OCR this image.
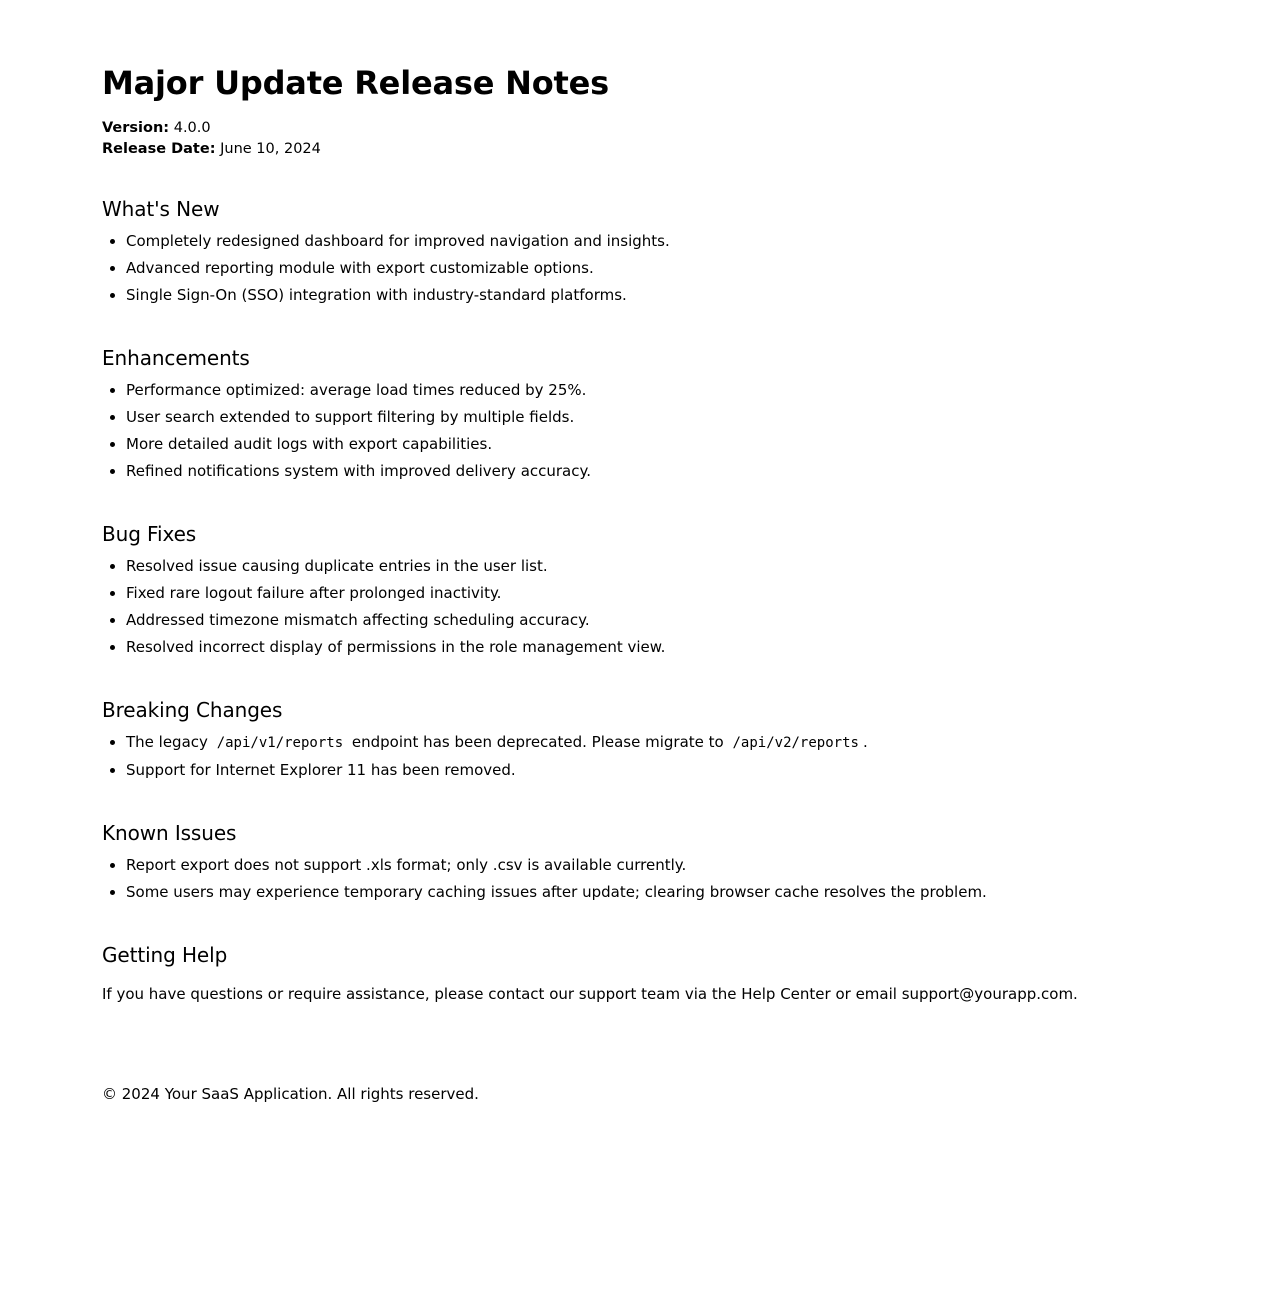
Major Update Release Notes

Version: 4.0.0

Release Date: June 10, 2024

What's New
• Completely redesigned dashboard for improved navigation and insights.
• Advanced reporting module with export customizable options.
• Single Sign-On (SSO) integration with industry-standard platforms.
Enhancements
• Performance optimized: average load times reduced by 25%.
• User search extended to support filtering by multiple fields.
• More detailed audit logs with export capabilities.
• Refined notifications system with improved delivery accuracy.
Bug Fixes
• Resolved issue causing duplicate entries in the user list.
• Fixed rare logout failure after prolonged inactivity.
• Addressed timezone mismatch affecting scheduling accuracy.
• Resolved incorrect display of permissions in the role management view.
Breaking Changes
• The legacy /api/v1/reports endpoint has been deprecated. Please migrate to /api/v2/reports .
• Support for Internet Explorer 11 has been removed.
Known Issues
• Report export does not support .xls format; only .csv is available currently.
• Some users may experience temporary caching issues after update; clearing browser cache resolves the problem.
Getting Help

If you have questions or require assistance, please contact our support team via the Help Center or email support@yourapp.com.

© 2024 Your SaaS Application. All rights reserved.
